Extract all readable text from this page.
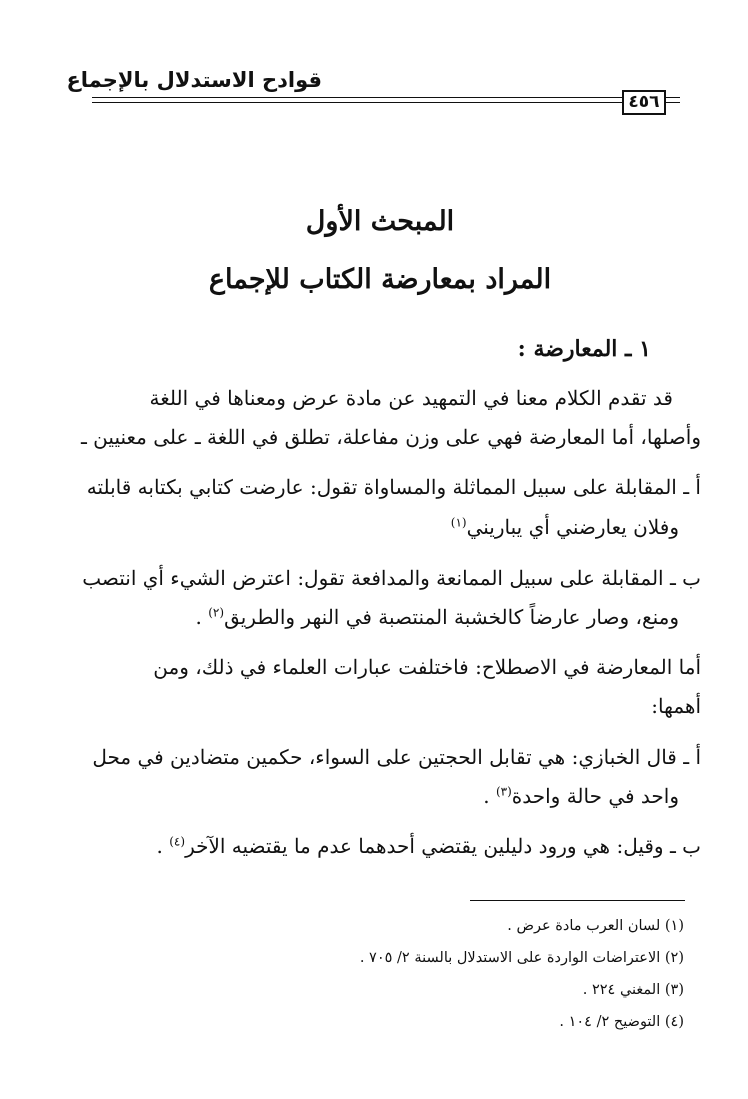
قوادح الاستدلال بالإجماع
٤٥٦
المبحث الأول
المراد بمعارضة الكتاب للإجماع
١ ـ المعارضة :
قد تقدم الكلام معنا في التمهيد عن مادة عرض ومعناها في اللغة
وأصلها، أما المعارضة فهي على وزن مفاعلة، تطلق في اللغة ـ على معنيين ـ
أ ـ المقابلة على سبيل المماثلة والمساواة تقول: عارضت كتابي بكتابه قابلته
وفلان يعارضني أي يباريني$^{(١)}$
ب ـ المقابلة على سبيل الممانعة والمدافعة تقول: اعترض الشيء أي انتصب
ومنع، وصار عارضاً كالخشبة المنتصبة في النهر والطريق$^{(٢)}$ .
أما المعارضة في الاصطلاح: فاختلفت عبارات العلماء في ذلك، ومن
أهمها:
أ ـ قال الخبازي: هي تقابل الحجتين على السواء، حكمين متضادين في محل
واحد في حالة واحدة$^{(٣)}$ .
ب ـ وقيل: هي ورود دليلين يقتضي أحدهما عدم ما يقتضيه الآخر$^{(٤)}$ .
(١) لسان العرب مادة عرض .
(٢) الاعتراضات الواردة على الاستدلال بالسنة ٢/ ٧٠٥ .
(٣) المغني ٢٢٤ .
(٤) التوضيح ٢/ ١٠٤ .
